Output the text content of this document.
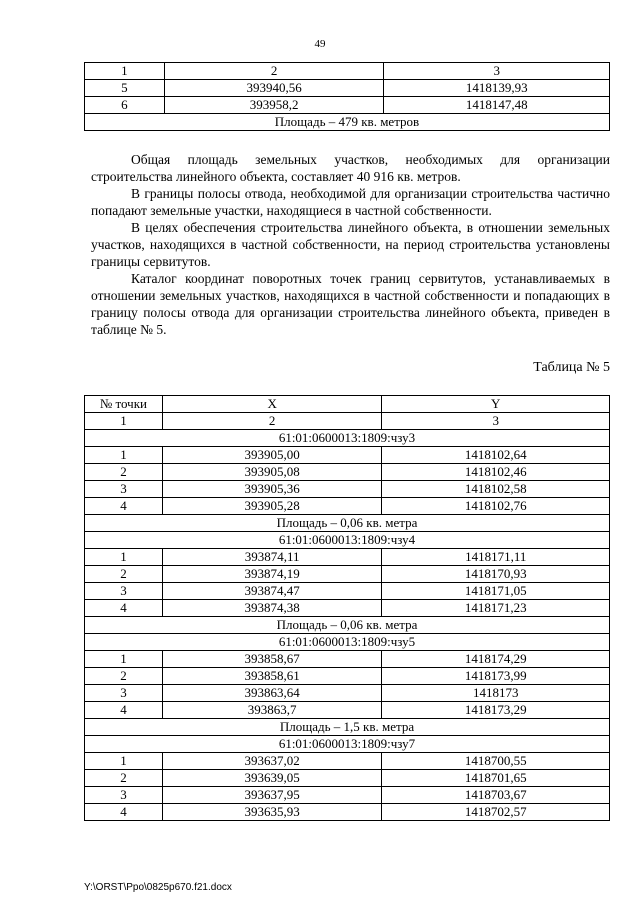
49
1	2	3
5	393940,56	1418139,93
6	393958,2	1418147,48
Площадь – 479 кв. метров		

Общая площадь земельных участков, необходимых для организации строительства линейного объекта, составляет 40 916 кв. метров.

В границы полосы отвода, необходимой для организации строительства частично попадают земельные участки, находящиеся в частной собственности.

В целях обеспечения строительства линейного объекта, в отношении земельных участков, находящихся в частной собственности, на период строительства установлены границы сервитутов.

Каталог координат поворотных точек границ сервитутов, устанавливаемых в отношении земельных участков, находящихся в частной собственности и попадающих в границу полосы отвода для организации строительства линейного объекта, приведен в таблице № 5.

Таблица № 5
№ точки	X	Y
1	2	3
61:01:0600013:1809:чзу3		
1	393905,00	1418102,64
2	393905,08	1418102,46
3	393905,36	1418102,58
4	393905,28	1418102,76
Площадь – 0,06 кв. метра		
61:01:0600013:1809:чзу4		
1	393874,11	1418171,11
2	393874,19	1418170,93
3	393874,47	1418171,05
4	393874,38	1418171,23
Площадь – 0,06 кв. метра		
61:01:0600013:1809:чзу5		
1	393858,67	1418174,29
2	393858,61	1418173,99
3	393863,64	1418173
4	393863,7	1418173,29
Площадь – 1,5 кв. метра		
61:01:0600013:1809:чзу7		
1	393637,02	1418700,55
2	393639,05	1418701,65
3	393637,95	1418703,67
4	393635,93	1418702,57
Y:\ORST\Ppo\0825p670.f21.docx
